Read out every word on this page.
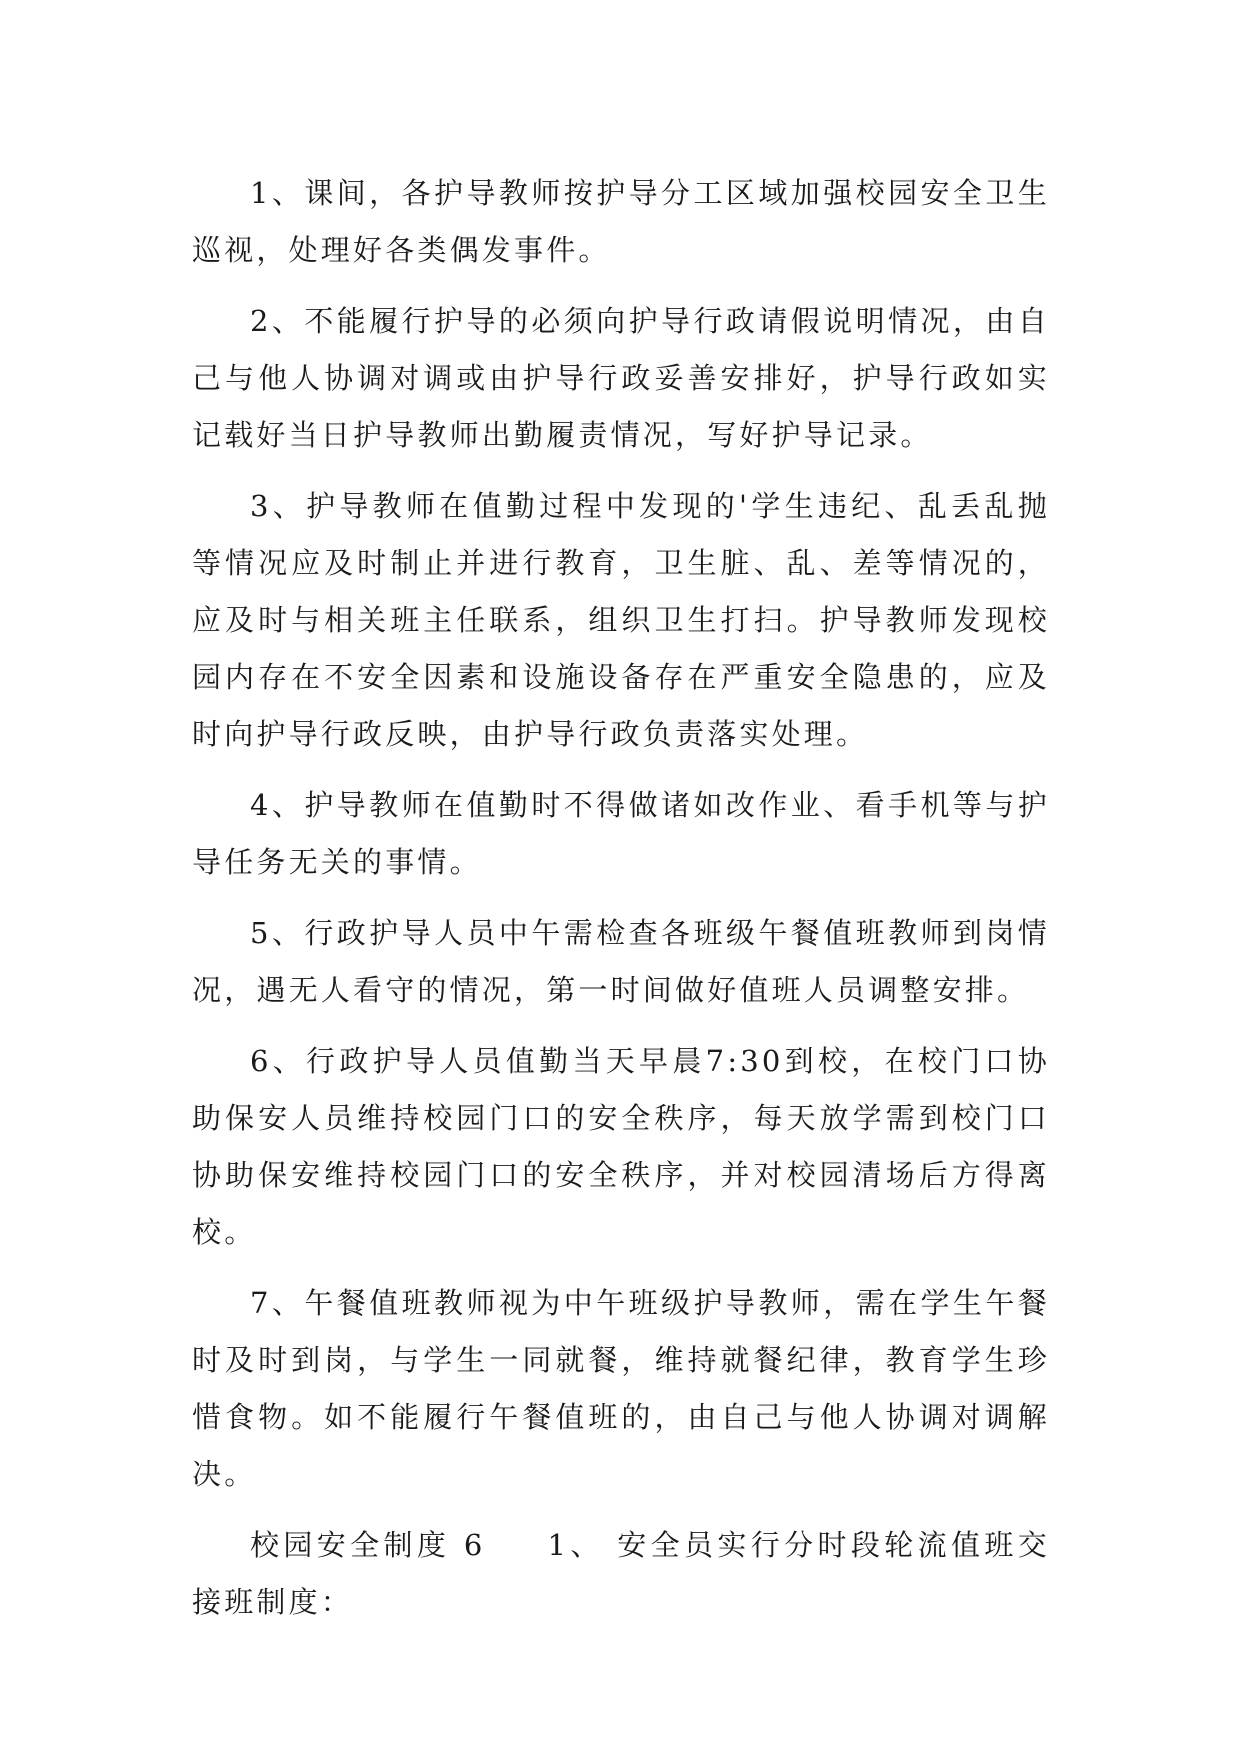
1、课间，各护导教师按护导分工区域加强校园安全卫生巡视，处理好各类偶发事件。

2、不能履行护导的必须向护导行政请假说明情况，由自己与他人协调对调或由护导行政妥善安排好，护导行政如实记载好当日护导教师出勤履责情况，写好护导记录。

3、护导教师在值勤过程中发现的'学生违纪、乱丢乱抛等情况应及时制止并进行教育，卫生脏、乱、差等情况的，应及时与相关班主任联系，组织卫生打扫。护导教师发现校园内存在不安全因素和设施设备存在严重安全隐患的，应及时向护导行政反映，由护导行政负责落实处理。

4、护导教师在值勤时不得做诸如改作业、看手机等与护导任务无关的事情。

5、行政护导人员中午需检查各班级午餐值班教师到岗情况，遇无人看守的情况，第一时间做好值班人员调整安排。

6、行政护导人员值勤当天早晨7:30到校，在校门口协助保安人员维持校园门口的安全秩序，每天放学需到校门口协助保安维持校园门口的安全秩序，并对校园清场后方得离校。

7、午餐值班教师视为中午班级护导教师，需在学生午餐时及时到岗，与学生一同就餐，维持就餐纪律，教育学生珍惜食物。如不能履行午餐值班的，由自己与他人协调对调解决。

校园安全制度 6 1、 安全员实行分时段轮流值班交接班制度：
